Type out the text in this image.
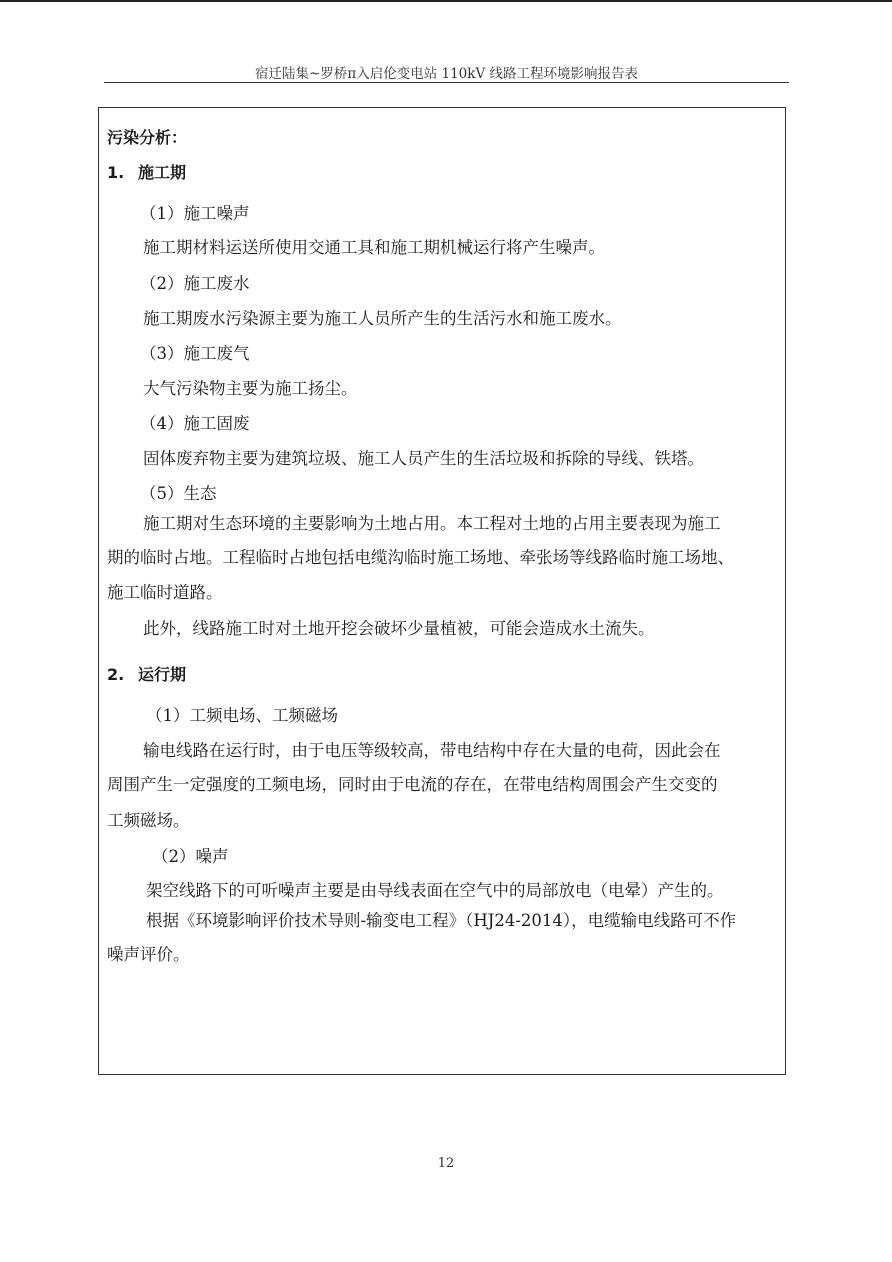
宿迁陆集~罗桥π入启伦变电站 110kV 线路工程环境影响报告表
污染分析：
1. 施工期
（1）施工噪声
施工期材料运送所使用交通工具和施工期机械运行将产生噪声。
（2）施工废水
施工期废水污染源主要为施工人员所产生的生活污水和施工废水。
（3）施工废气
大气污染物主要为施工扬尘。
（4）施工固废
固体废弃物主要为建筑垃圾、施工人员产生的生活垃圾和拆除的导线、铁塔。
（5）生态
施工期对生态环境的主要影响为土地占用。本工程对土地的占用主要表现为施工
期的临时占地。工程临时占地包括电缆沟临时施工场地、牵张场等线路临时施工场地、
施工临时道路。
此外，线路施工时对土地开挖会破坏少量植被，可能会造成水土流失。
2. 运行期
（1）工频电场、工频磁场
输电线路在运行时，由于电压等级较高，带电结构中存在大量的电荷，因此会在
周围产生一定强度的工频电场，同时由于电流的存在，在带电结构周围会产生交变的
工频磁场。
（2）噪声
架空线路下的可听噪声主要是由导线表面在空气中的局部放电（电晕）产生的。
根据《环境影响评价技术导则-输变电工程》（HJ24-2014），电缆输电线路可不作
噪声评价。
12
